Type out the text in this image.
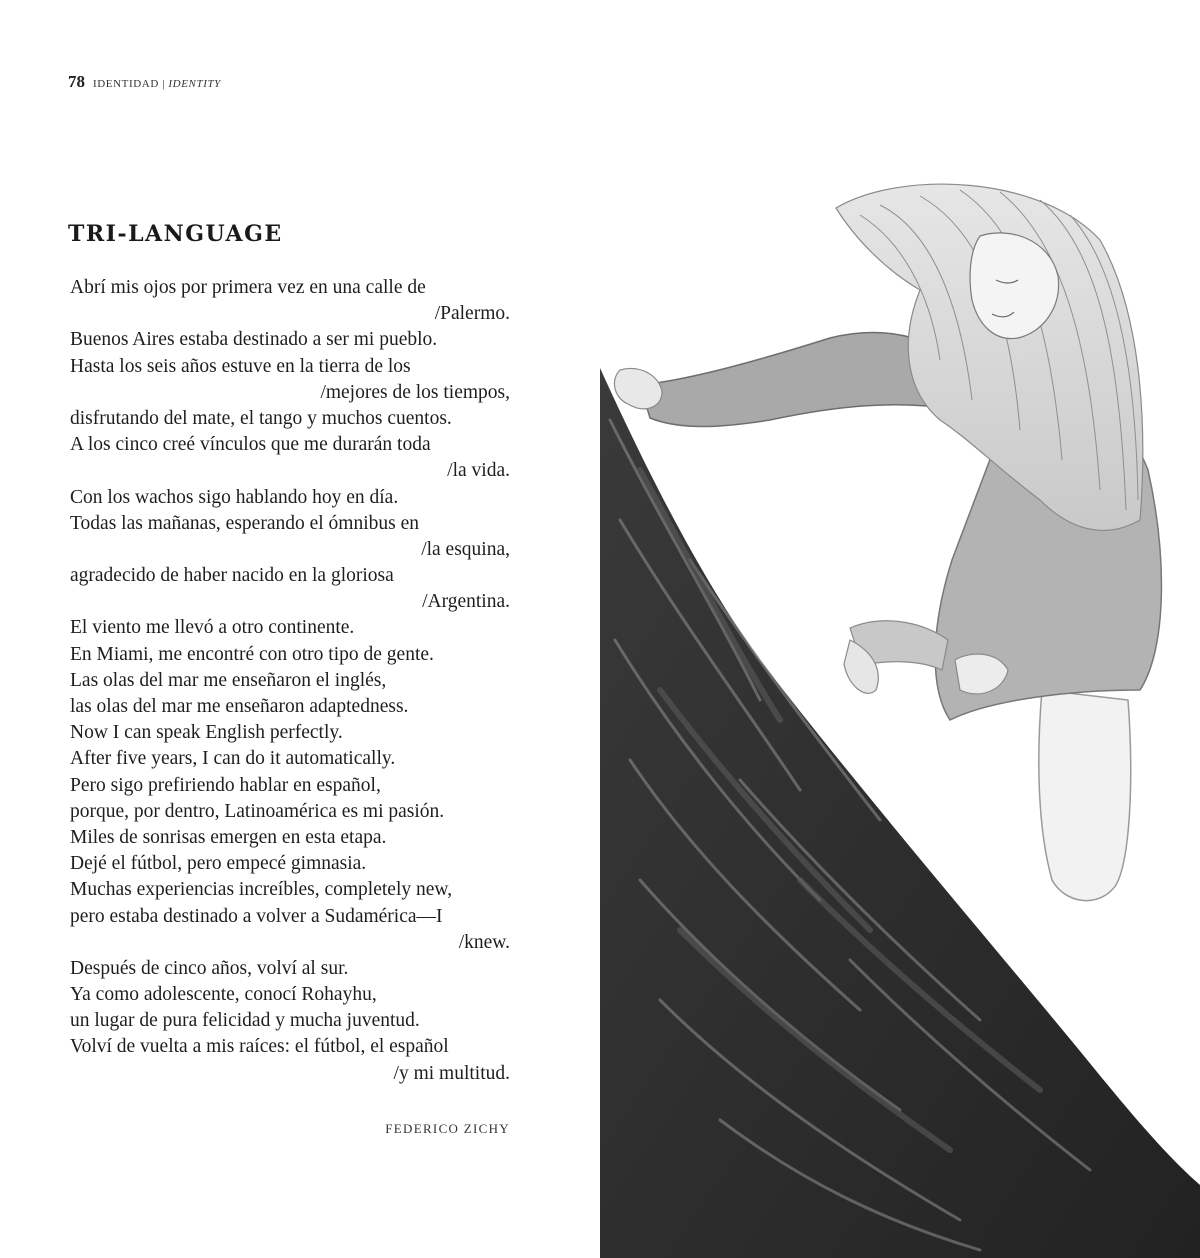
78 IDENTIDAD | IDENTITY
TRI-LANGUAGE
Abrí mis ojos por primera vez en una calle de
/Palermo.
Buenos Aires estaba destinado a ser mi pueblo.
Hasta los seis años estuve en la tierra de los
/mejores de los tiempos,
disfrutando del mate, el tango y muchos cuentos.
A los cinco creé vínculos que me durarán toda
/la vida.
Con los wachos sigo hablando hoy en día.
Todas las mañanas, esperando el ómnibus en
/la esquina,
agradecido de haber nacido en la gloriosa
/Argentina.
El viento me llevó a otro continente.
En Miami, me encontré con otro tipo de gente.
Las olas del mar me enseñaron el inglés,
las olas del mar me enseñaron adaptedness.
Now I can speak English perfectly.
After five years, I can do it automatically.
Pero sigo prefiriendo hablar en español,
porque, por dentro, Latinoamérica es mi pasión.
Miles de sonrisas emergen en esta etapa.
Dejé el fútbol, pero empecé gimnasia.
Muchas experiencias increíbles, completely new,
pero estaba destinado a volver a Sudamérica—I
/knew.
Después de cinco años, volví al sur.
Ya como adolescente, conocí Rohayhu,
un lugar de pura felicidad y mucha juventud.
Volví de vuelta a mis raíces: el fútbol, el español
/y mi multitud.
FEDERICO ZICHY
